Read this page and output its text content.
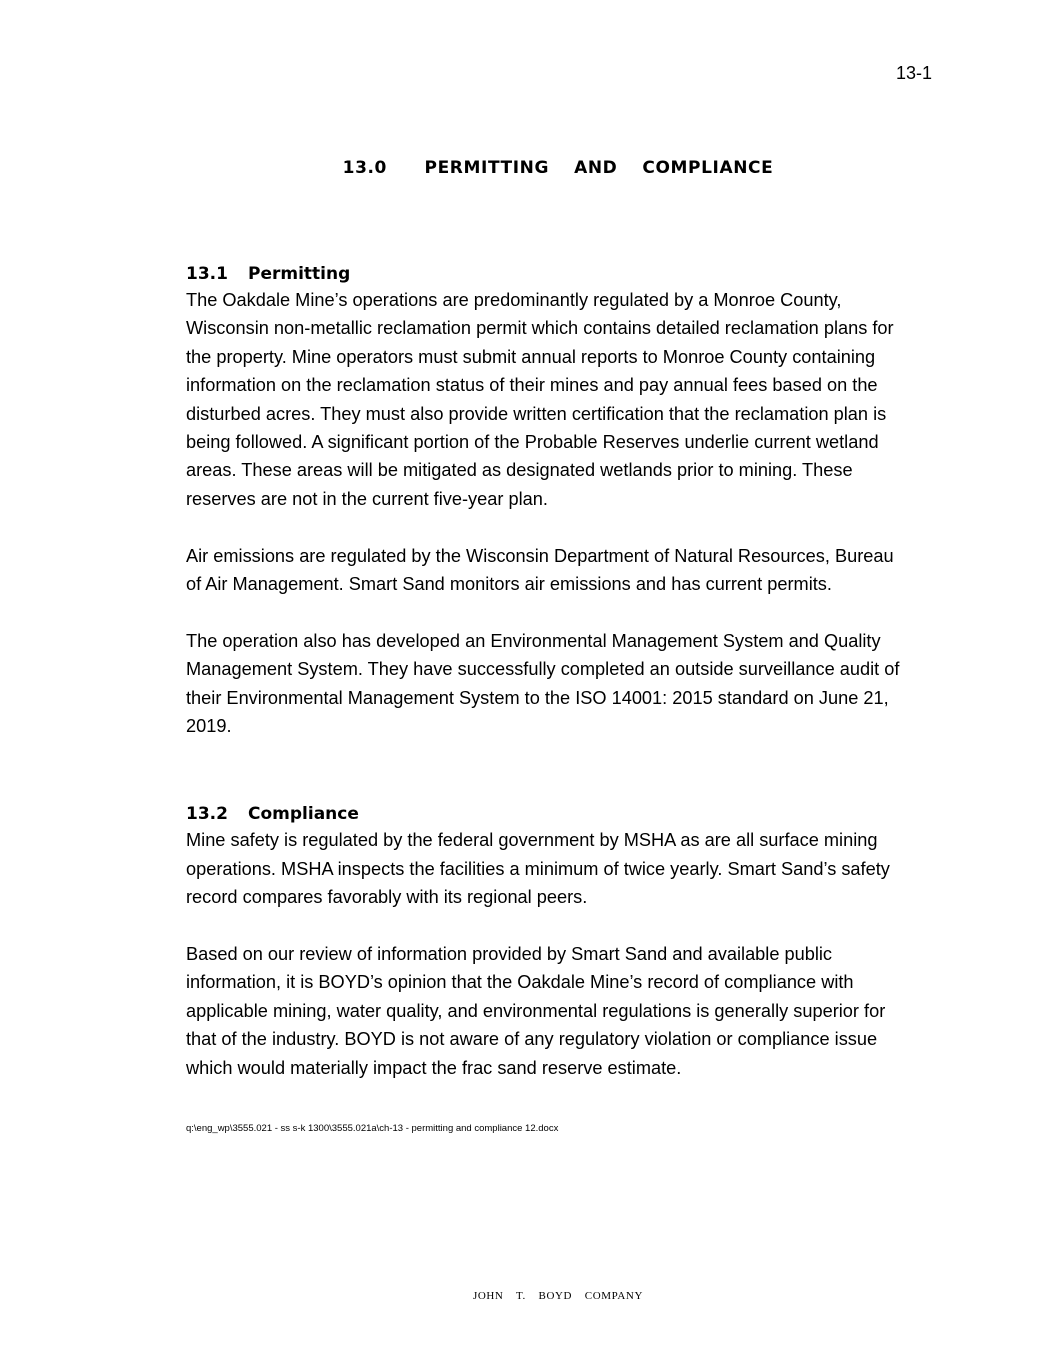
13-1
13.0   PERMITTING  AND  COMPLIANCE
13.1 Permitting

The Oakdale Mine’s operations are predominantly regulated by a Monroe County,
Wisconsin non-metallic reclamation permit which contains detailed reclamation plans for
the property. Mine operators must submit annual reports to Monroe County containing
information on the reclamation status of their mines and pay annual fees based on the
disturbed acres. They must also provide written certification that the reclamation plan is
being followed. A significant portion of the Probable Reserves underlie current wetland
areas. These areas will be mitigated as designated wetlands prior to mining. These
reserves are not in the current five-year plan.

Air emissions are regulated by the Wisconsin Department of Natural Resources, Bureau
of Air Management. Smart Sand monitors air emissions and has current permits.

The operation also has developed an Environmental Management System and Quality
Management System. They have successfully completed an outside surveillance audit of
their Environmental Management System to the ISO 14001: 2015 standard on June 21,
2019.

13.2 Compliance

Mine safety is regulated by the federal government by MSHA as are all surface mining
operations. MSHA inspects the facilities a minimum of twice yearly. Smart Sand’s safety
record compares favorably with its regional peers.

Based on our review of information provided by Smart Sand and available public
information, it is BOYD’s opinion that the Oakdale Mine’s record of compliance with
applicable mining, water quality, and environmental regulations is generally superior for
that of the industry. BOYD is not aware of any regulatory violation or compliance issue
which would materially impact the frac sand reserve estimate.

q:\eng_wp\3555.021 - ss s-k 1300\3555.021a\ch-13 - permitting and compliance 12.docx
JOHN  T.  BOYD  COMPANY
